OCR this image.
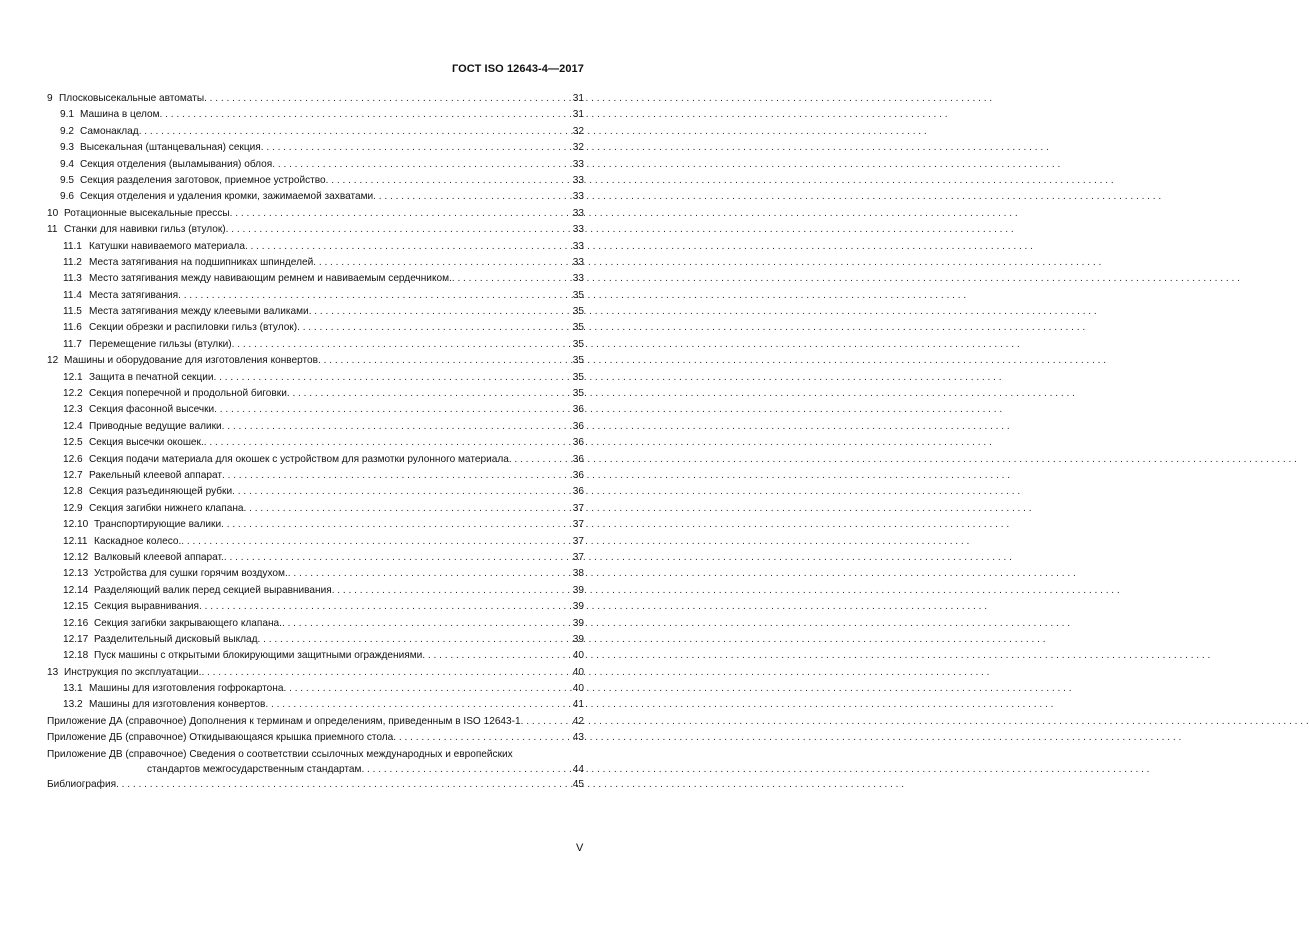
ГОСТ ISO 12643-4—2017
9 Плосковысекальные автоматы . . .	31
9.1 Машина в целом . . .	31
9.2 Самонаклад . . .	32
9.3 Высекальная (штанцевальная) секция . . .	32
9.4 Секция отделения (выламывания) облоя . . .	33
9.5 Секция разделения заготовок, приемное устройство . . .	33
9.6 Секция отделения и удаления кромки, зажимаемой захватами . . .	33
10 Ротационные высекальные прессы . . .	33
11 Станки для навивки гильз (втулок) . . .	33
11.1 Катушки навиваемого материала . . .	33
11.2 Места затягивания на подшипниках шпинделей . . .	33
11.3 Место затягивания между навивающим ремнем и навиваемым сердечником. . . .	33
11.4 Места затягивания . . .	35
11.5 Места затягивания между клеевыми валиками . . .	35
11.6 Секции обрезки и распиловки гильз (втулок) . . .	35
11.7 Перемещение гильзы (втулки) . . .	35
12 Машины и оборудование для изготовления конвертов . . .	35
12.1 Защита в печатной секции . . .	35
12.2 Секция поперечной и продольной биговки . . .	35
12.3 Секция фасонной высечки . . .	36
12.4 Приводные ведущие валики . . .	36
12.5 Секция высечки окошек. . . .	36
12.6 Секция подачи материала для окошек с устройством для размотки рулонного материала . . .	36
12.7 Ракельный клеевой аппарат . . .	36
12.8 Секция разъединяющей рубки . . .	36
12.9 Секция загибки нижнего клапана . . .	37
12.10 Транспортирующие валики . . .	37
12.11 Каскадное колесо. . . .	37
12.12 Валковый клеевой аппарат. . . .	37
12.13 Устройства для сушки горячим воздухом. . . .	38
12.14 Разделяющий валик перед секцией выравнивания . . .	39
12.15 Секция выравнивания . . .	39
12.16 Секция загибки закрывающего клапана. . . .	39
12.17 Разделительный дисковый выклад . . .	39
12.18 Пуск машины с открытыми блокирующими защитными ограждениями . . .	40
13 Инструкция по эксплуатации. . . .	40
13.1 Машины для изготовления гофрокартона . . .	40
13.2 Машины для изготовления конвертов . . .	41
Приложение ДА (справочное) Дополнения к терминам и определениям, приведенным в ISO 12643-1 . . .	42
Приложение ДБ (справочное) Откидывающаяся крышка приемного стола . . .	43
Приложение ДВ (справочное) Сведения о соответствии ссылочных международных и европейских
стандартов межгосударственным стандартам . . .	44
Библиография . . .	45
V
